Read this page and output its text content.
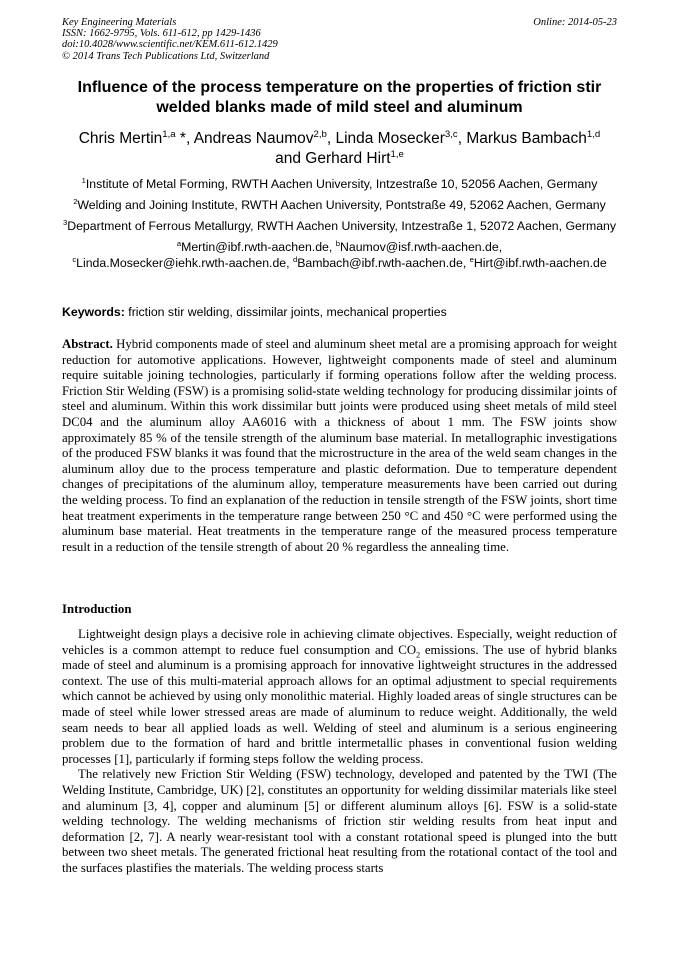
Key Engineering Materials
ISSN: 1662-9795, Vols. 611-612, pp 1429-1436
doi:10.4028/www.scientific.net/KEM.611-612.1429
© 2014 Trans Tech Publications Ltd, Switzerland
Online: 2014-05-23
Influence of the process temperature on the properties of friction stir
welded blanks made of mild steel and aluminum
Chris Mertin$^{1,a}$ *, Andreas Naumov$^{2,b}$, Linda Mosecker$^{3,c}$, Markus Bambach$^{1,d}$
and Gerhard Hirt$^{1,e}$

$^1$Institute of Metal Forming, RWTH Aachen University, Intzestraße 10, 52056 Aachen, Germany

$^2$Welding and Joining Institute, RWTH Aachen University, Pontstraße 49, 52062 Aachen, Germany

$^3$Department of Ferrous Metallurgy, RWTH Aachen University, Intzestraße 1, 52072 Aachen, Germany

$^a$Mertin@ibf.rwth-aachen.de, $^b$Naumov@isf.rwth-aachen.de,
$^c$Linda.Mosecker@iehk.rwth-aachen.de, $^d$Bambach@ibf.rwth-aachen.de, $^e$Hirt@ibf.rwth-aachen.de

Keywords: friction stir welding, dissimilar joints, mechanical properties

Abstract. Hybrid components made of steel and aluminum sheet metal are a promising approach for weight reduction for automotive applications. However, lightweight components made of steel and aluminum require suitable joining technologies, particularly if forming operations follow after the welding process. Friction Stir Welding (FSW) is a promising solid-state welding technology for producing dissimilar joints of steel and aluminum. Within this work dissimilar butt joints were produced using sheet metals of mild steel DC04 and the aluminum alloy AA6016 with a thickness of about 1 mm. The FSW joints show approximately 85 % of the tensile strength of the aluminum base material. In metallographic investigations of the produced FSW blanks it was found that the microstructure in the area of the weld seam changes in the aluminum alloy due to the process temperature and plastic deformation. Due to temperature dependent changes of precipitations of the aluminum alloy, temperature measurements have been carried out during the welding process. To find an explanation of the reduction in tensile strength of the FSW joints, short time heat treatment experiments in the temperature range between 250 °C and 450 °C were performed using the aluminum base material. Heat treatments in the temperature range of the measured process temperature result in a reduction of the tensile strength of about 20 % regardless the annealing time.

Introduction

Lightweight design plays a decisive role in achieving climate objectives. Especially, weight reduction of vehicles is a common attempt to reduce fuel consumption and $CO_2$ emissions. The use of hybrid blanks made of steel and aluminum is a promising approach for innovative lightweight structures in the addressed context. The use of this multi-material approach allows for an optimal adjustment to special requirements which cannot be achieved by using only monolithic material. Highly loaded areas of single structures can be made of steel while lower stressed areas are made of aluminum to reduce weight. Additionally, the weld seam needs to bear all applied loads as well. Welding of steel and aluminum is a serious engineering problem due to the formation of hard and brittle intermetallic phases in conventional fusion welding processes [1], particularly if forming steps follow the welding process.

The relatively new Friction Stir Welding (FSW) technology, developed and patented by the TWI (The Welding Institute, Cambridge, UK) [2], constitutes an opportunity for welding dissimilar materials like steel and aluminum [3, 4], copper and aluminum [5] or different aluminum alloys [6]. FSW is a solid-state welding technology. The welding mechanisms of friction stir welding results from heat input and deformation [2, 7]. A nearly wear-resistant tool with a constant rotational speed is plunged into the butt between two sheet metals. The generated frictional heat resulting from the rotational contact of the tool and the surfaces plastifies the materials. The welding process starts
